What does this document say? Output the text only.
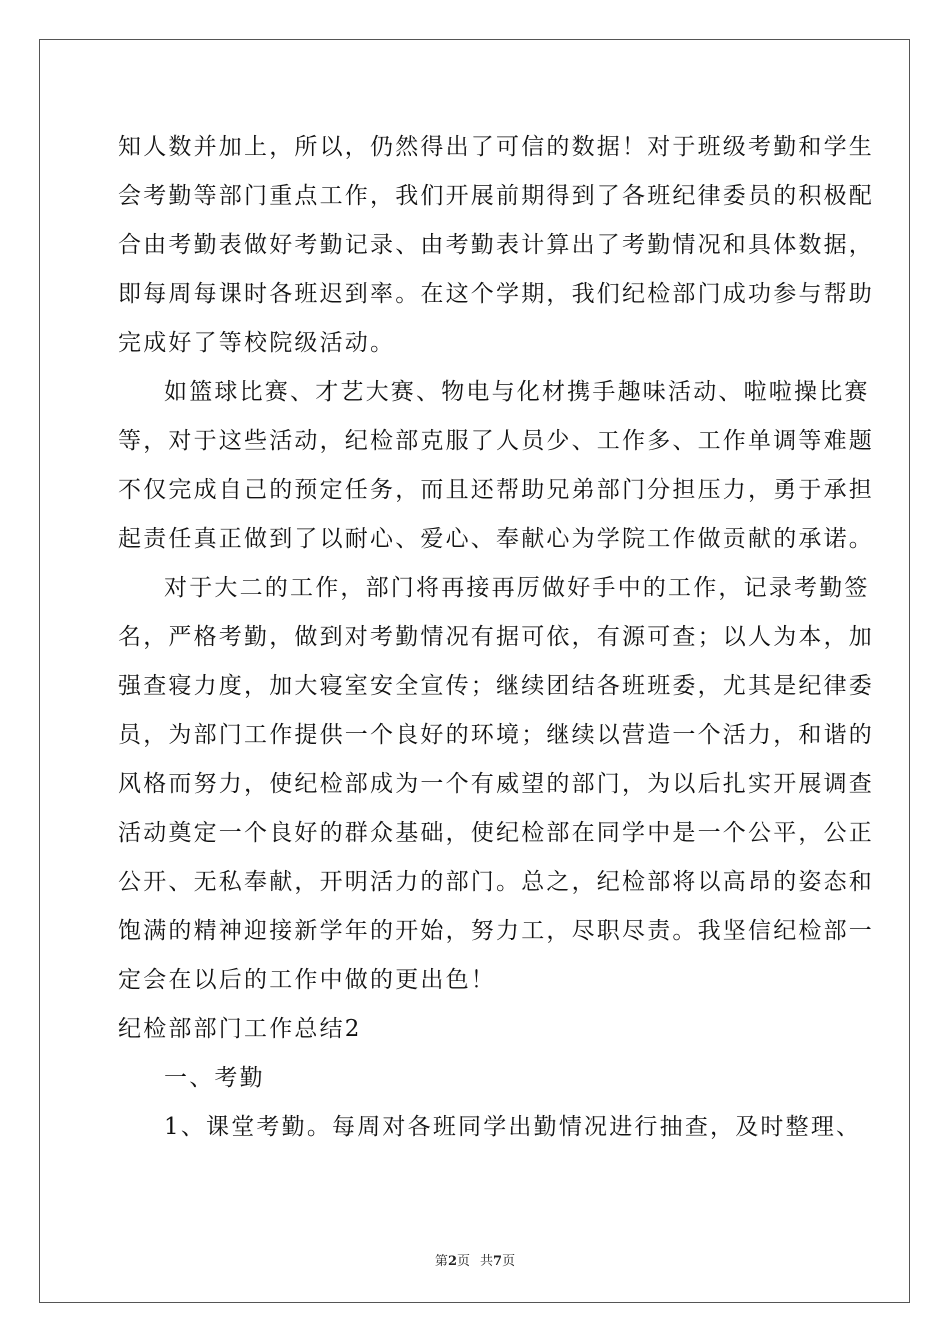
知人数并加上，所以，仍然得出了可信的数据！对于班级考勤和学生
会考勤等部门重点工作，我们开展前期得到了各班纪律委员的积极配
合由考勤表做好考勤记录、由考勤表计算出了考勤情况和具体数据，
即每周每课时各班迟到率。在这个学期，我们纪检部门成功参与帮助
完成好了等校院级活动。
如篮球比赛、才艺大赛、物电与化材携手趣味活动、啦啦操比赛
等，对于这些活动，纪检部克服了人员少、工作多、工作单调等难题
不仅完成自己的预定任务，而且还帮助兄弟部门分担压力，勇于承担
起责任真正做到了以耐心、爱心、奉献心为学院工作做贡献的承诺。
对于大二的工作，部门将再接再厉做好手中的工作，记录考勤签
名，严格考勤，做到对考勤情况有据可依，有源可查；以人为本，加
强查寝力度，加大寝室安全宣传；继续团结各班班委，尤其是纪律委
员，为部门工作提供一个良好的环境；继续以营造一个活力，和谐的
风格而努力，使纪检部成为一个有威望的部门，为以后扎实开展调查
活动奠定一个良好的群众基础，使纪检部在同学中是一个公平，公正
公开、无私奉献，开明活力的部门。总之，纪检部将以高昂的姿态和
饱满的精神迎接新学年的开始，努力工，尽职尽责。我坚信纪检部一
定会在以后的工作中做的更出色！
纪检部部门工作总结2
一、考勤
1、课堂考勤。每周对各班同学出勤情况进行抽查，及时整理、
第2页 共7页
